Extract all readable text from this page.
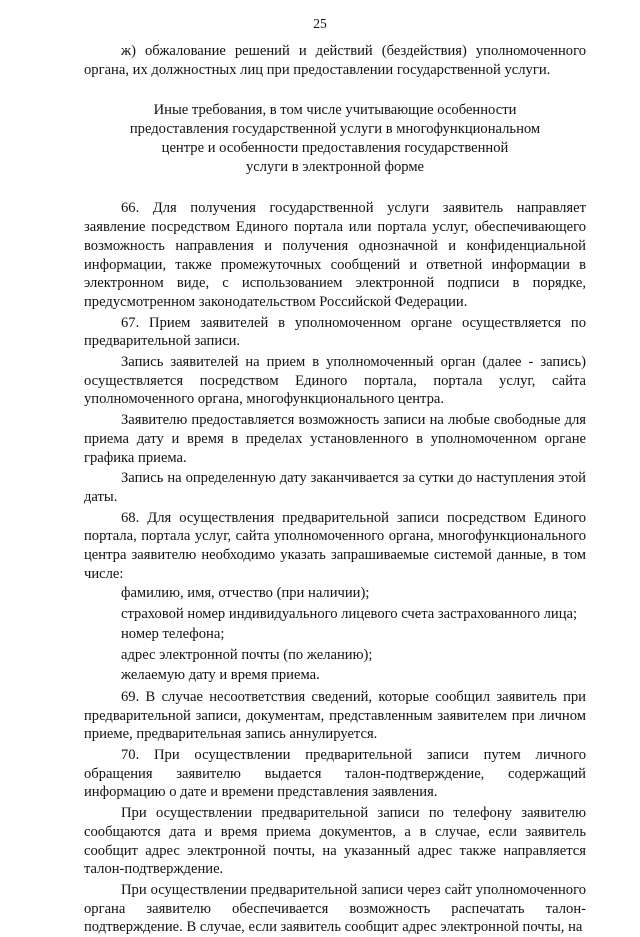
25

ж) обжалование решений и действий (бездействия) уполномоченного органа, их должностных лиц при предоставлении государственной услуги.

Иные требования, в том числе учитывающие особенности
предоставления государственной услуги в многофункциональном
центре и особенности предоставления государственной
услуги в электронной форме

66. Для получения государственной услуги заявитель направляет заявление посредством Единого портала или портала услуг, обеспечивающего возможность направления и получения однозначной и конфиденциальной информации, также промежуточных сообщений и ответной информации в электронном виде, с использованием электронной подписи в порядке, предусмотренном законодательством Российской Федерации.

67. Прием заявителей в уполномоченном органе осуществляется по предварительной записи.

Запись заявителей на прием в уполномоченный орган (далее - запись) осуществляется посредством Единого портала, портала услуг, сайта уполномоченного органа, многофункционального центра.

Заявителю предоставляется возможность записи на любые свободные для приема дату и время в пределах установленного в уполномоченном органе графика приема.

Запись на определенную дату заканчивается за сутки до наступления этой даты.

68. Для осуществления предварительной записи посредством Единого портала, портала услуг, сайта уполномоченного органа, многофункционального центра заявителю необходимо указать запрашиваемые системой данные, в том числе:

фамилию, имя, отчество (при наличии);

страховой номер индивидуального лицевого счета застрахованного лица;

номер телефона;

адрес электронной почты (по желанию);

желаемую дату и время приема.

69. В случае несоответствия сведений, которые сообщил заявитель при предварительной записи, документам, представленным заявителем при личном приеме, предварительная запись аннулируется.

70. При осуществлении предварительной записи путем личного обращения заявителю выдается талон-подтверждение, содержащий информацию о дате и времени представления заявления.

При осуществлении предварительной записи по телефону заявителю сообщаются дата и время приема документов, а в случае, если заявитель сообщит адрес электронной почты, на указанный адрес также направляется талон-подтверждение.

При осуществлении предварительной записи через сайт уполномоченного органа заявителю обеспечивается возможность распечатать талон-подтверждение. В случае, если заявитель сообщит адрес электронной почты, на
